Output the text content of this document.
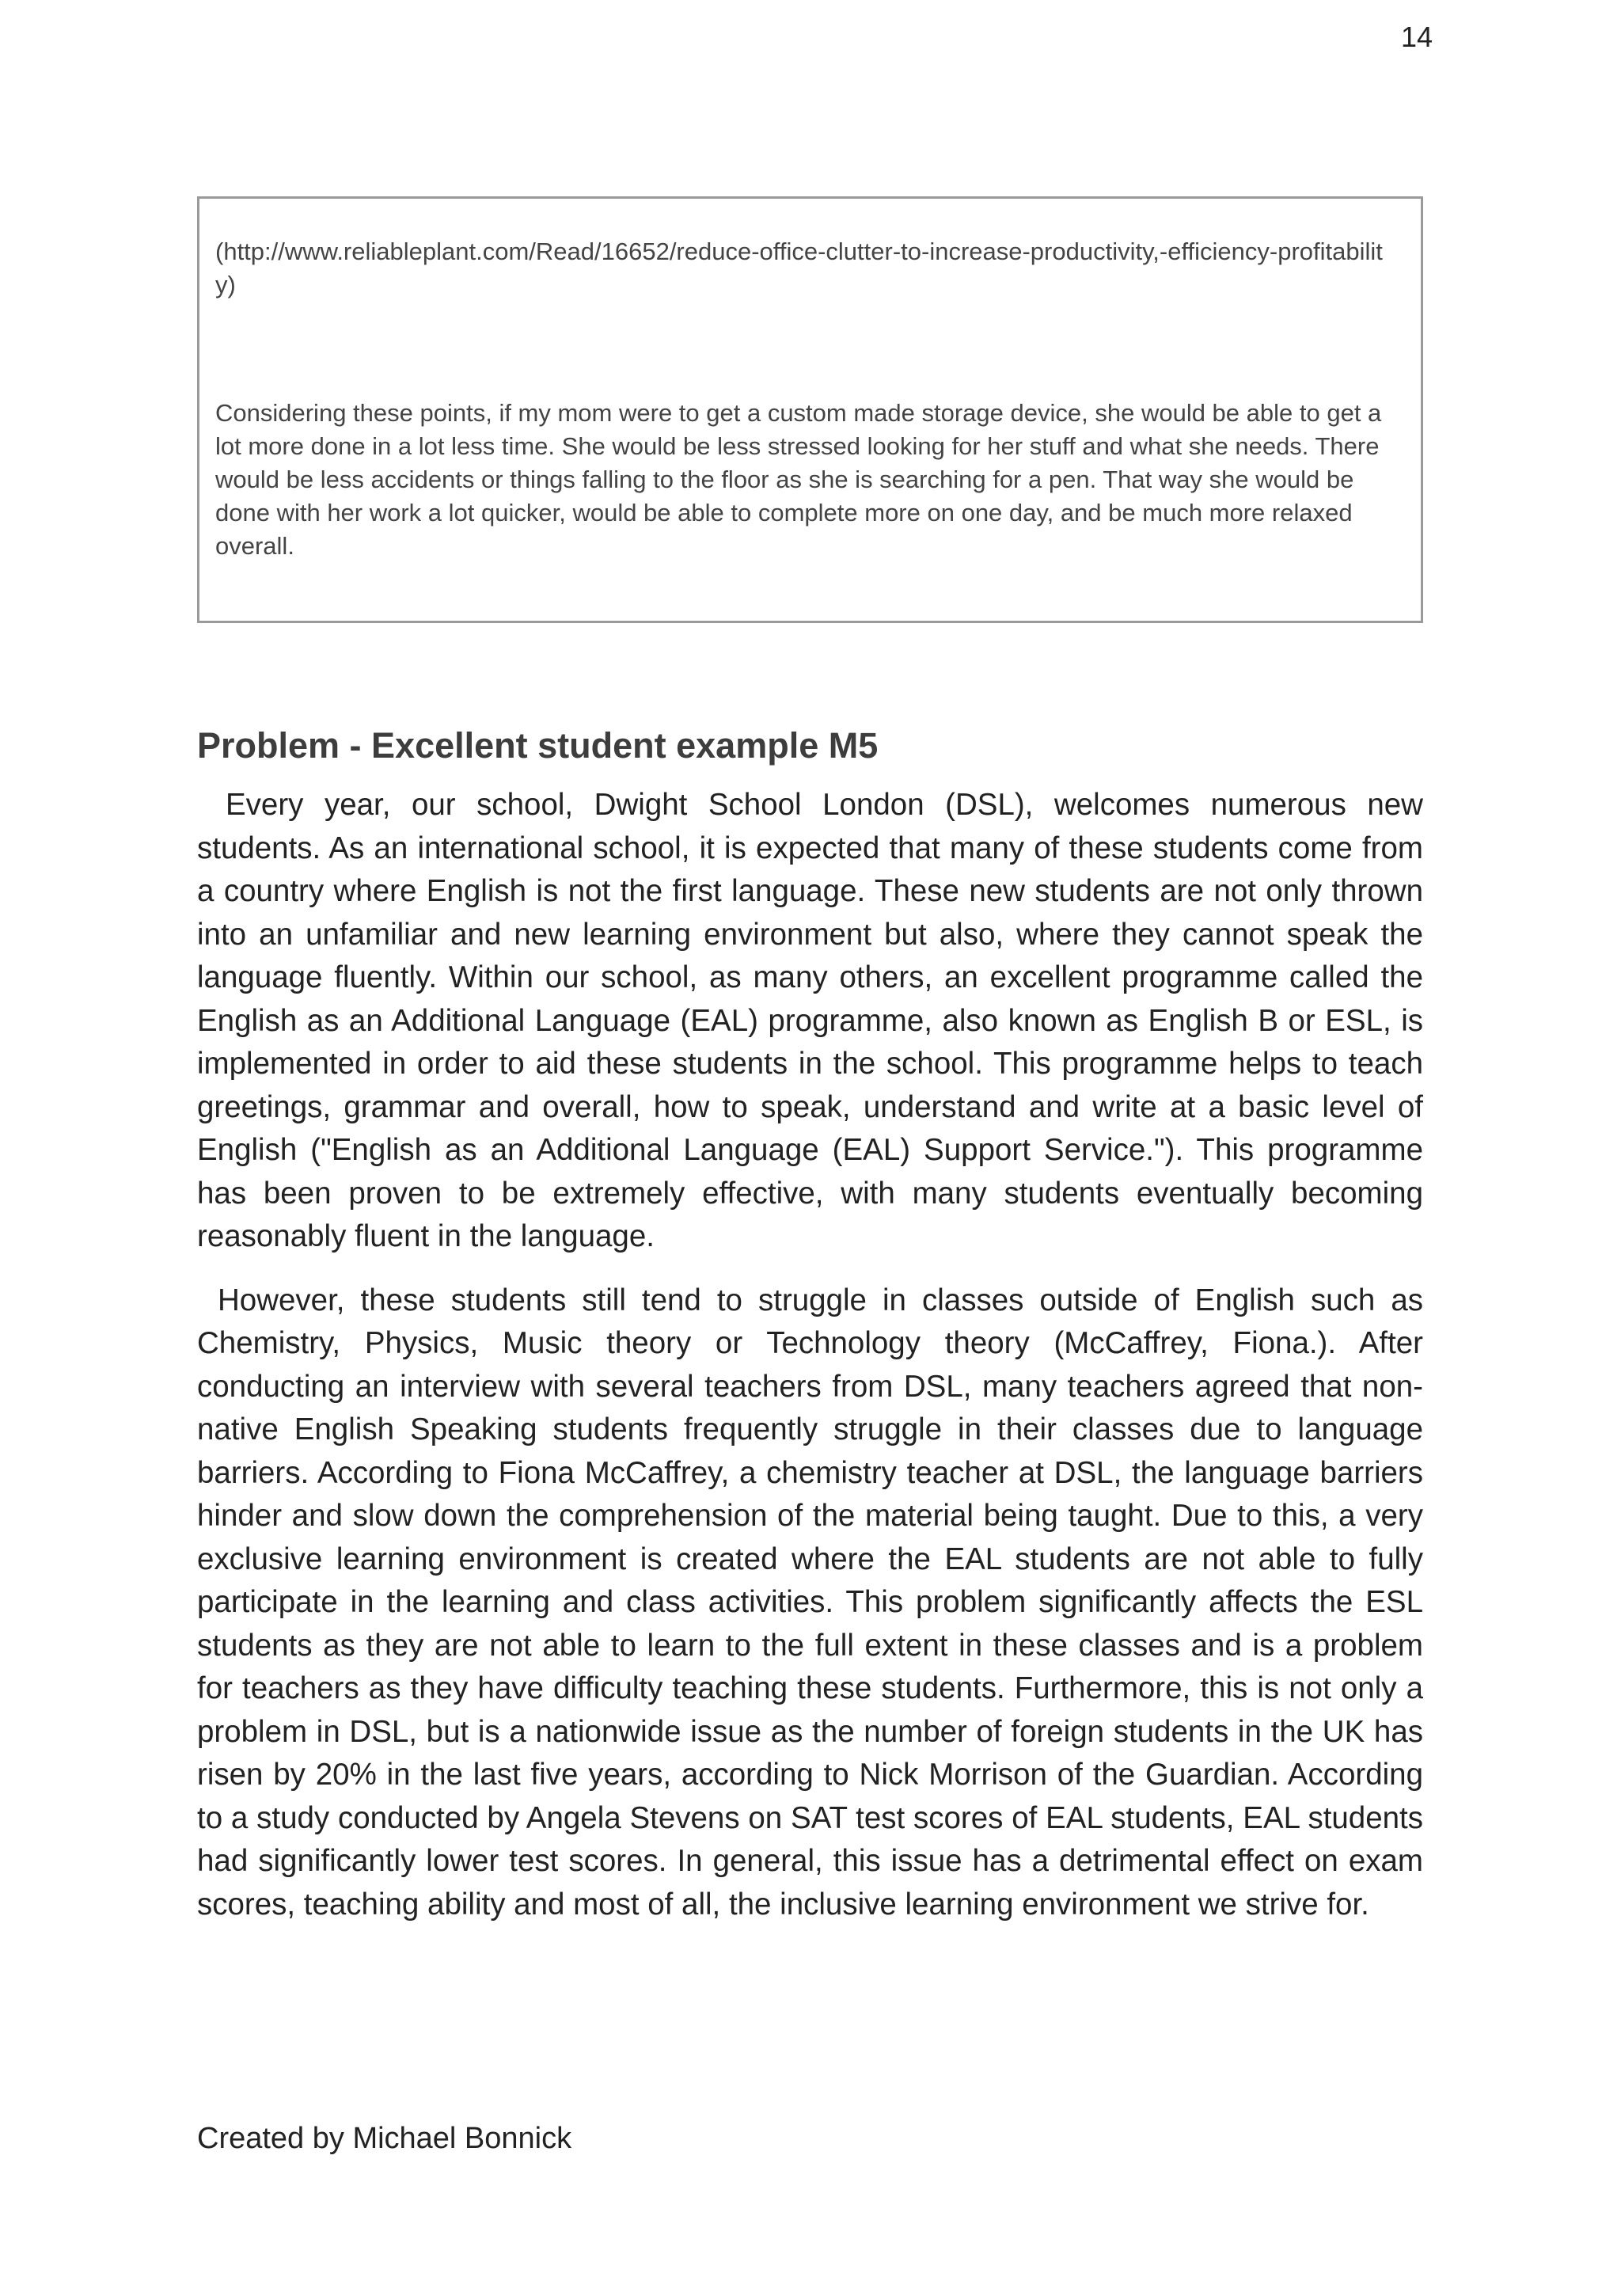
14

(http://www.reliableplant.com/Read/16652/reduce-office-clutter-to-increase-productivity,-efficiency-profitability)

Considering these points, if my mom were to get a custom made storage device, she would be able to get a lot more done in a lot less time. She would be less stressed looking for her stuff and what she needs. There would be less accidents or things falling to the floor as she is searching for a pen. That way she would be done with her work a lot quicker, would be able to complete more on one day, and be much more relaxed overall.

Problem - Excellent student example M5

Every year, our school, Dwight School London (DSL), welcomes numerous new students. As an international school, it is expected that many of these students come from a country where English is not the first language. These new students are not only thrown into an unfamiliar and new learning environment but also, where they cannot speak the language fluently. Within our school, as many others, an excellent programme called the English as an Additional Language (EAL) programme, also known as English B or ESL, is implemented in order to aid these students in the school. This programme helps to teach greetings, grammar and overall, how to speak, understand and write at a basic level of English ("English as an Additional Language (EAL) Support Service."). This programme has been proven to be extremely effective, with many students eventually becoming reasonably fluent in the language.

However, these students still tend to struggle in classes outside of English such as Chemistry, Physics, Music theory or Technology theory (McCaffrey, Fiona.). After conducting an interview with several teachers from DSL, many teachers agreed that non-native English Speaking students frequently struggle in their classes due to language barriers. According to Fiona McCaffrey, a chemistry teacher at DSL, the language barriers hinder and slow down the comprehension of the material being taught. Due to this, a very exclusive learning environment is created where the EAL students are not able to fully participate in the learning and class activities. This problem significantly affects the ESL students as they are not able to learn to the full extent in these classes and is a problem for teachers as they have difficulty teaching these students. Furthermore, this is not only a problem in DSL, but is a nationwide issue as the number of foreign students in the UK has risen by 20% in the last five years, according to Nick Morrison of the Guardian. According to a study conducted by Angela Stevens on SAT test scores of EAL students, EAL students had significantly lower test scores. In general, this issue has a detrimental effect on exam scores, teaching ability and most of all, the inclusive learning environment we strive for.

Created by Michael Bonnick
